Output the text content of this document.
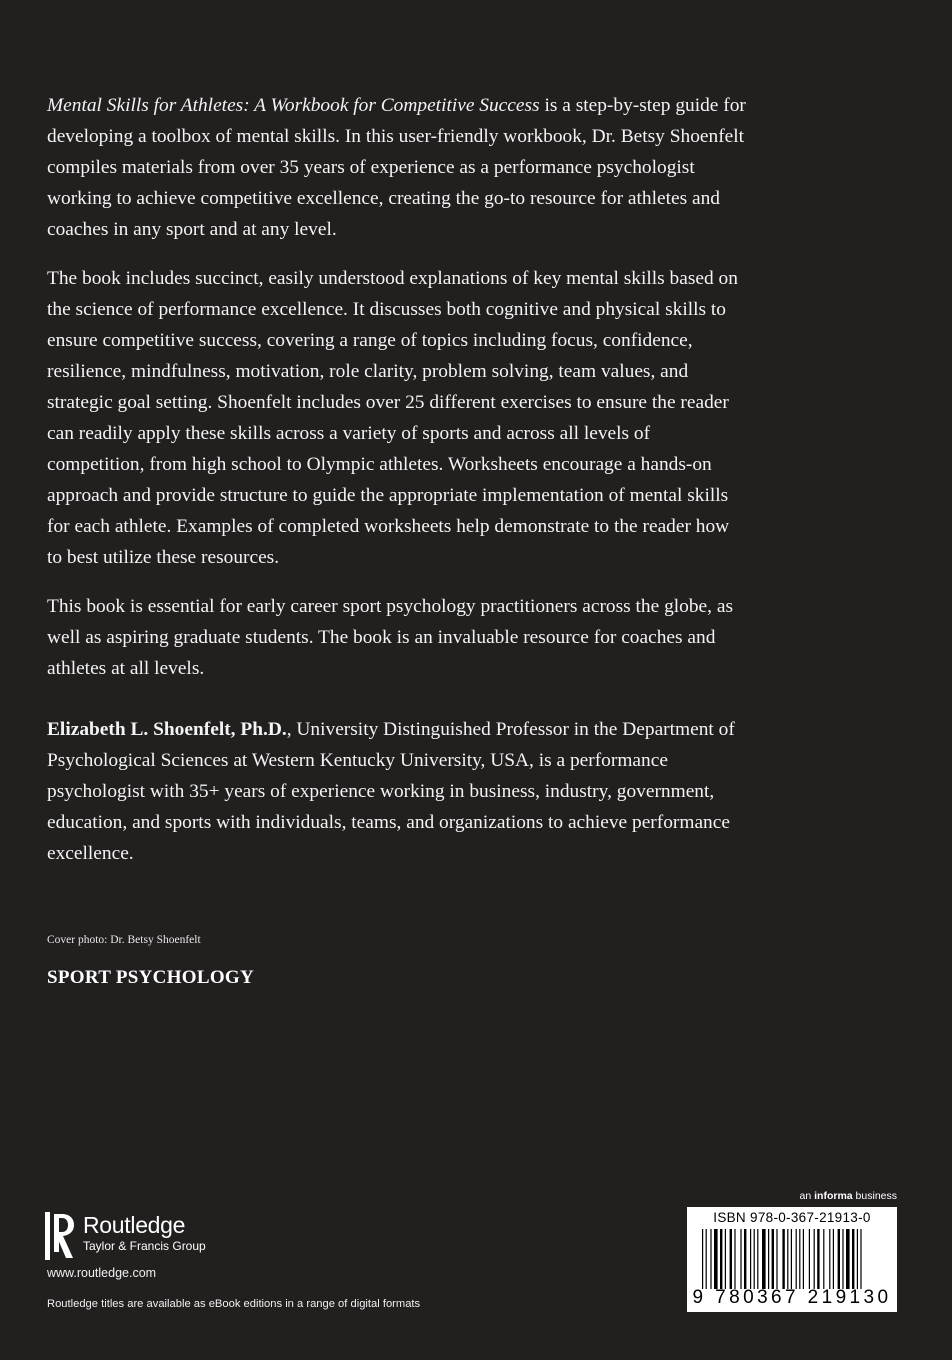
Mental Skills for Athletes: A Workbook for Competitive Success is a step-by-step guide for developing a toolbox of mental skills. In this user-friendly workbook, Dr. Betsy Shoenfelt compiles materials from over 35 years of experience as a performance psychologist working to achieve competitive excellence, creating the go-to resource for athletes and coaches in any sport and at any level.

The book includes succinct, easily understood explanations of key mental skills based on the science of performance excellence. It discusses both cognitive and physical skills to ensure competitive success, covering a range of topics including focus, confidence, resilience, mindfulness, motivation, role clarity, problem solving, team values, and strategic goal setting. Shoenfelt includes over 25 different exercises to ensure the reader can readily apply these skills across a variety of sports and across all levels of competition, from high school to Olympic athletes. Worksheets encourage a hands-on approach and provide structure to guide the appropriate implementation of mental skills for each athlete. Examples of completed worksheets help demonstrate to the reader how to best utilize these resources.

This book is essential for early career sport psychology practitioners across the globe, as well as aspiring graduate students. The book is an invaluable resource for coaches and athletes at all levels.

Elizabeth L. Shoenfelt, Ph.D., University Distinguished Professor in the Department of Psychological Sciences at Western Kentucky University, USA, is a performance psychologist with 35+ years of experience working in business, industry, government, education, and sports with individuals, teams, and organizations to achieve performance excellence.

Cover photo: Dr. Betsy Shoenfelt
SPORT PSYCHOLOGY
Routledge
Taylor & Francis Group
www.routledge.com
Routledge titles are available as eBook editions in a range of digital formats
an informa business
ISBN 978-0-367-21913-0
9 780367 219130
